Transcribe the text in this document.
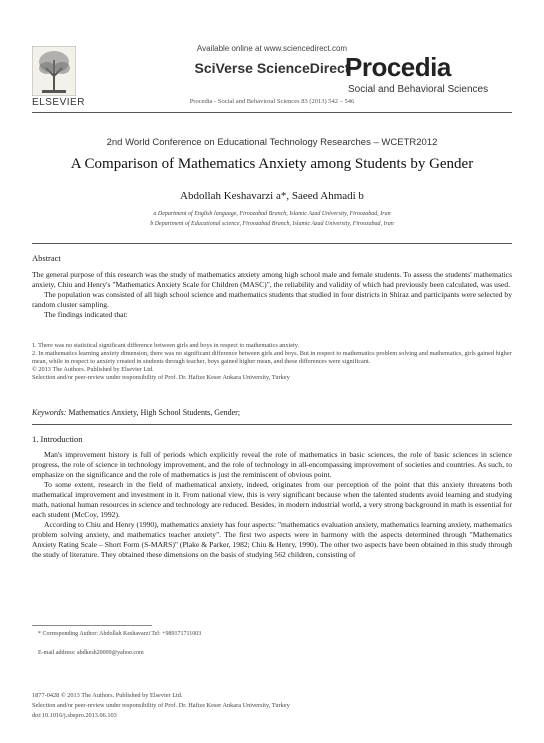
ELSEVIER
Available online at www.sciencedirect.com
SciVerse ScienceDirect
Procedia - Social and Behavioral Sciences 83 (2013) 542 – 546
Procedia
Social and Behavioral Sciences
2nd World Conference on Educational Technology Researches – WCETR2012
A Comparison of Mathematics Anxiety among Students by Gender
Abdollah Keshavarzi a*, Saeed Ahmadi b
a Department of English language, Firoozabad Branch, Islamic Azad University, Firoozabad, Iran
b Department of Educational science, Firoozabad Branch, Islamic Azad University, Firoozabad, Iran
Abstract

The general purpose of this research was the study of mathematics anxiety among high school male and female students. To assess the students' mathematics anxiety, Chiu and Henry's "Mathematics Anxiety Scale for Children (MASC)", the reliability and validity of which had previously been calculated, was used.

The population was consisted of all high school science and mathematics students that studied in four districts in Shiraz and participants were selected by random cluster sampling.

The findings indicated that:

1. There was no statistical significant difference between girls and boys in respect to mathematics anxiety.
2. In mathematics learning anxiety dimension, there was no significant difference between girls and boys. But in respect to mathematics problem solving and mathematics, girls gained higher mean, while in respect to anxiety created in students through teacher, boys gained higher mean, and these differences were significant.
© 2013 The Authors. Published by Elsevier Ltd.
Selection and/or peer-review under responsibility of Prof. Dr. Hafize Keser Ankara University, Turkey
Keywords: Mathematics Anxiety, High School Students, Gender;
1. Introduction

Man's improvement history is full of periods which explicitly reveal the role of mathematics in basic sciences, the role of basic sciences in science progress, the role of science in technology improvement, and the role of technology in all-encompassing improvement of societies and countries. As such, to emphasize on the significance and the role of mathematics is just the reminiscent of obvious point.

To some extent, research in the field of mathematical anxiety, indeed, originates from our perception of the point that this anxiety threatens both mathematical improvement and investment in it. From national view, this is very significant because when the talented students avoid learning and studying math, national human resources in science and technology are reduced. Besides, in modern industrial world, a very strong background in math is essential for each student (McCoy, 1992).

According to Chiu and Henry (1990), mathematics anxiety has four aspects: "mathematics evaluation anxiety, mathematics learning anxiety, mathematics problem solving anxiety, and mathematics teacher anxiety". The first two aspects were in harmony with the aspects determined through "Mathematics Anxiety Rating Scale – Short Form (S-MARS)" (Plake & Parker, 1982; Chiu & Henry, 1990). The other two aspects have been obtained in this study through the study of literature. They obtained these dimensions on the basis of studying 562 children, consisting of

* Corresponding Author: Abdollah Keshavarzi Tel: +989171711003
E-mail address: abdkesh20099@yahoo.com
1877-0428 © 2013 The Authors. Published by Elsevier Ltd.
Selection and/or peer-review under responsibility of Prof. Dr. Hafize Keser Ankara University, Turkey
doi:10.1016/j.sbspro.2013.06.103
